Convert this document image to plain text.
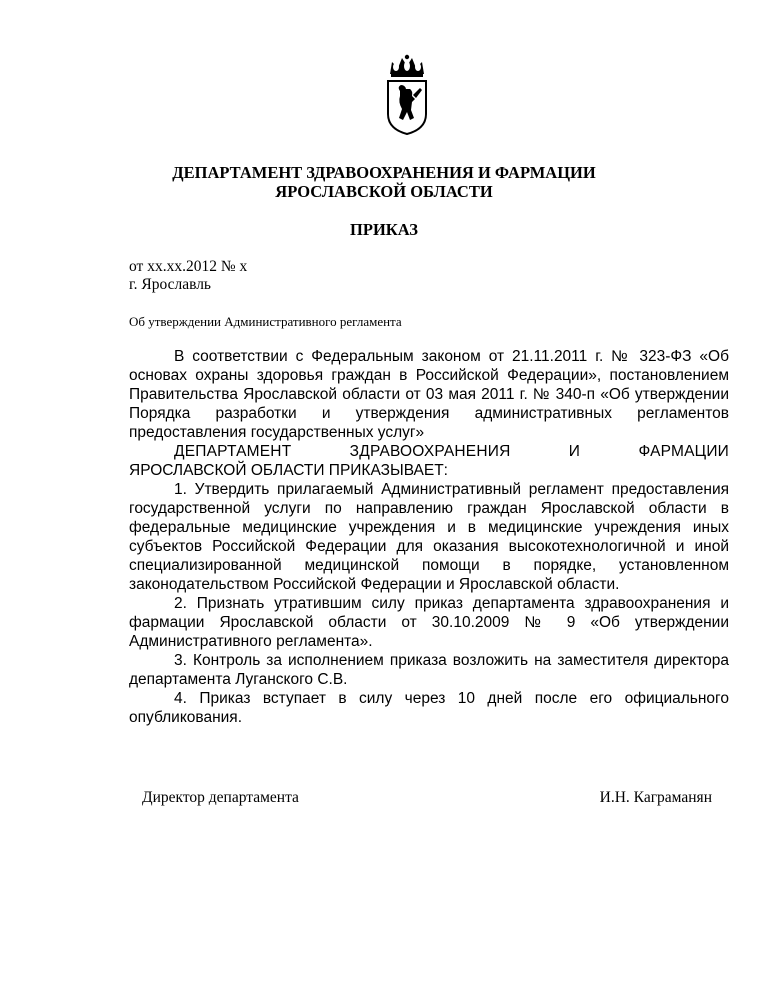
ДЕПАРТАМЕНТ ЗДРАВООХРАНЕНИЯ И ФАРМАЦИИ
ЯРОСЛАВСКОЙ ОБЛАСТИ
ПРИКАЗ
от хх.хх.2012 № х
г. Ярославль
Об утверждении Административного регламента

В соответствии с Федеральным законом от 21.11.2011 г. № 323-ФЗ «Об основах охраны здоровья граждан в Российской Федерации», постановлением Правительства Ярославской области от 03 мая 2011 г. № 340-п «Об утверждении Порядка разработки и утверждения административных регламентов предоставления государственных услуг»

ДЕПАРТАМЕНТ ЗДРАВООХРАНЕНИЯ И ФАРМАЦИИ

ЯРОСЛАВСКОЙ ОБЛАСТИ ПРИКАЗЫВАЕТ:

1. Утвердить прилагаемый Административный регламент предоставления государственной услуги по направлению граждан Ярославской области в федеральные медицинские учреждения и в медицинские учреждения иных субъектов Российской Федерации для оказания высокотехнологичной и иной специализированной медицинской помощи в порядке, установленном законодательством Российской Федерации и Ярославской области.

2. Признать утратившим силу приказ департамента здравоохранения и фармации Ярославской области от 30.10.2009 № 9 «Об утверждении Административного регламента».

3. Контроль за исполнением приказа возложить на заместителя директора департамента Луганского С.В.

4. Приказ вступает в силу через 10 дней после его официального опубликования.

Директор департамента	И.Н. Каграманян
